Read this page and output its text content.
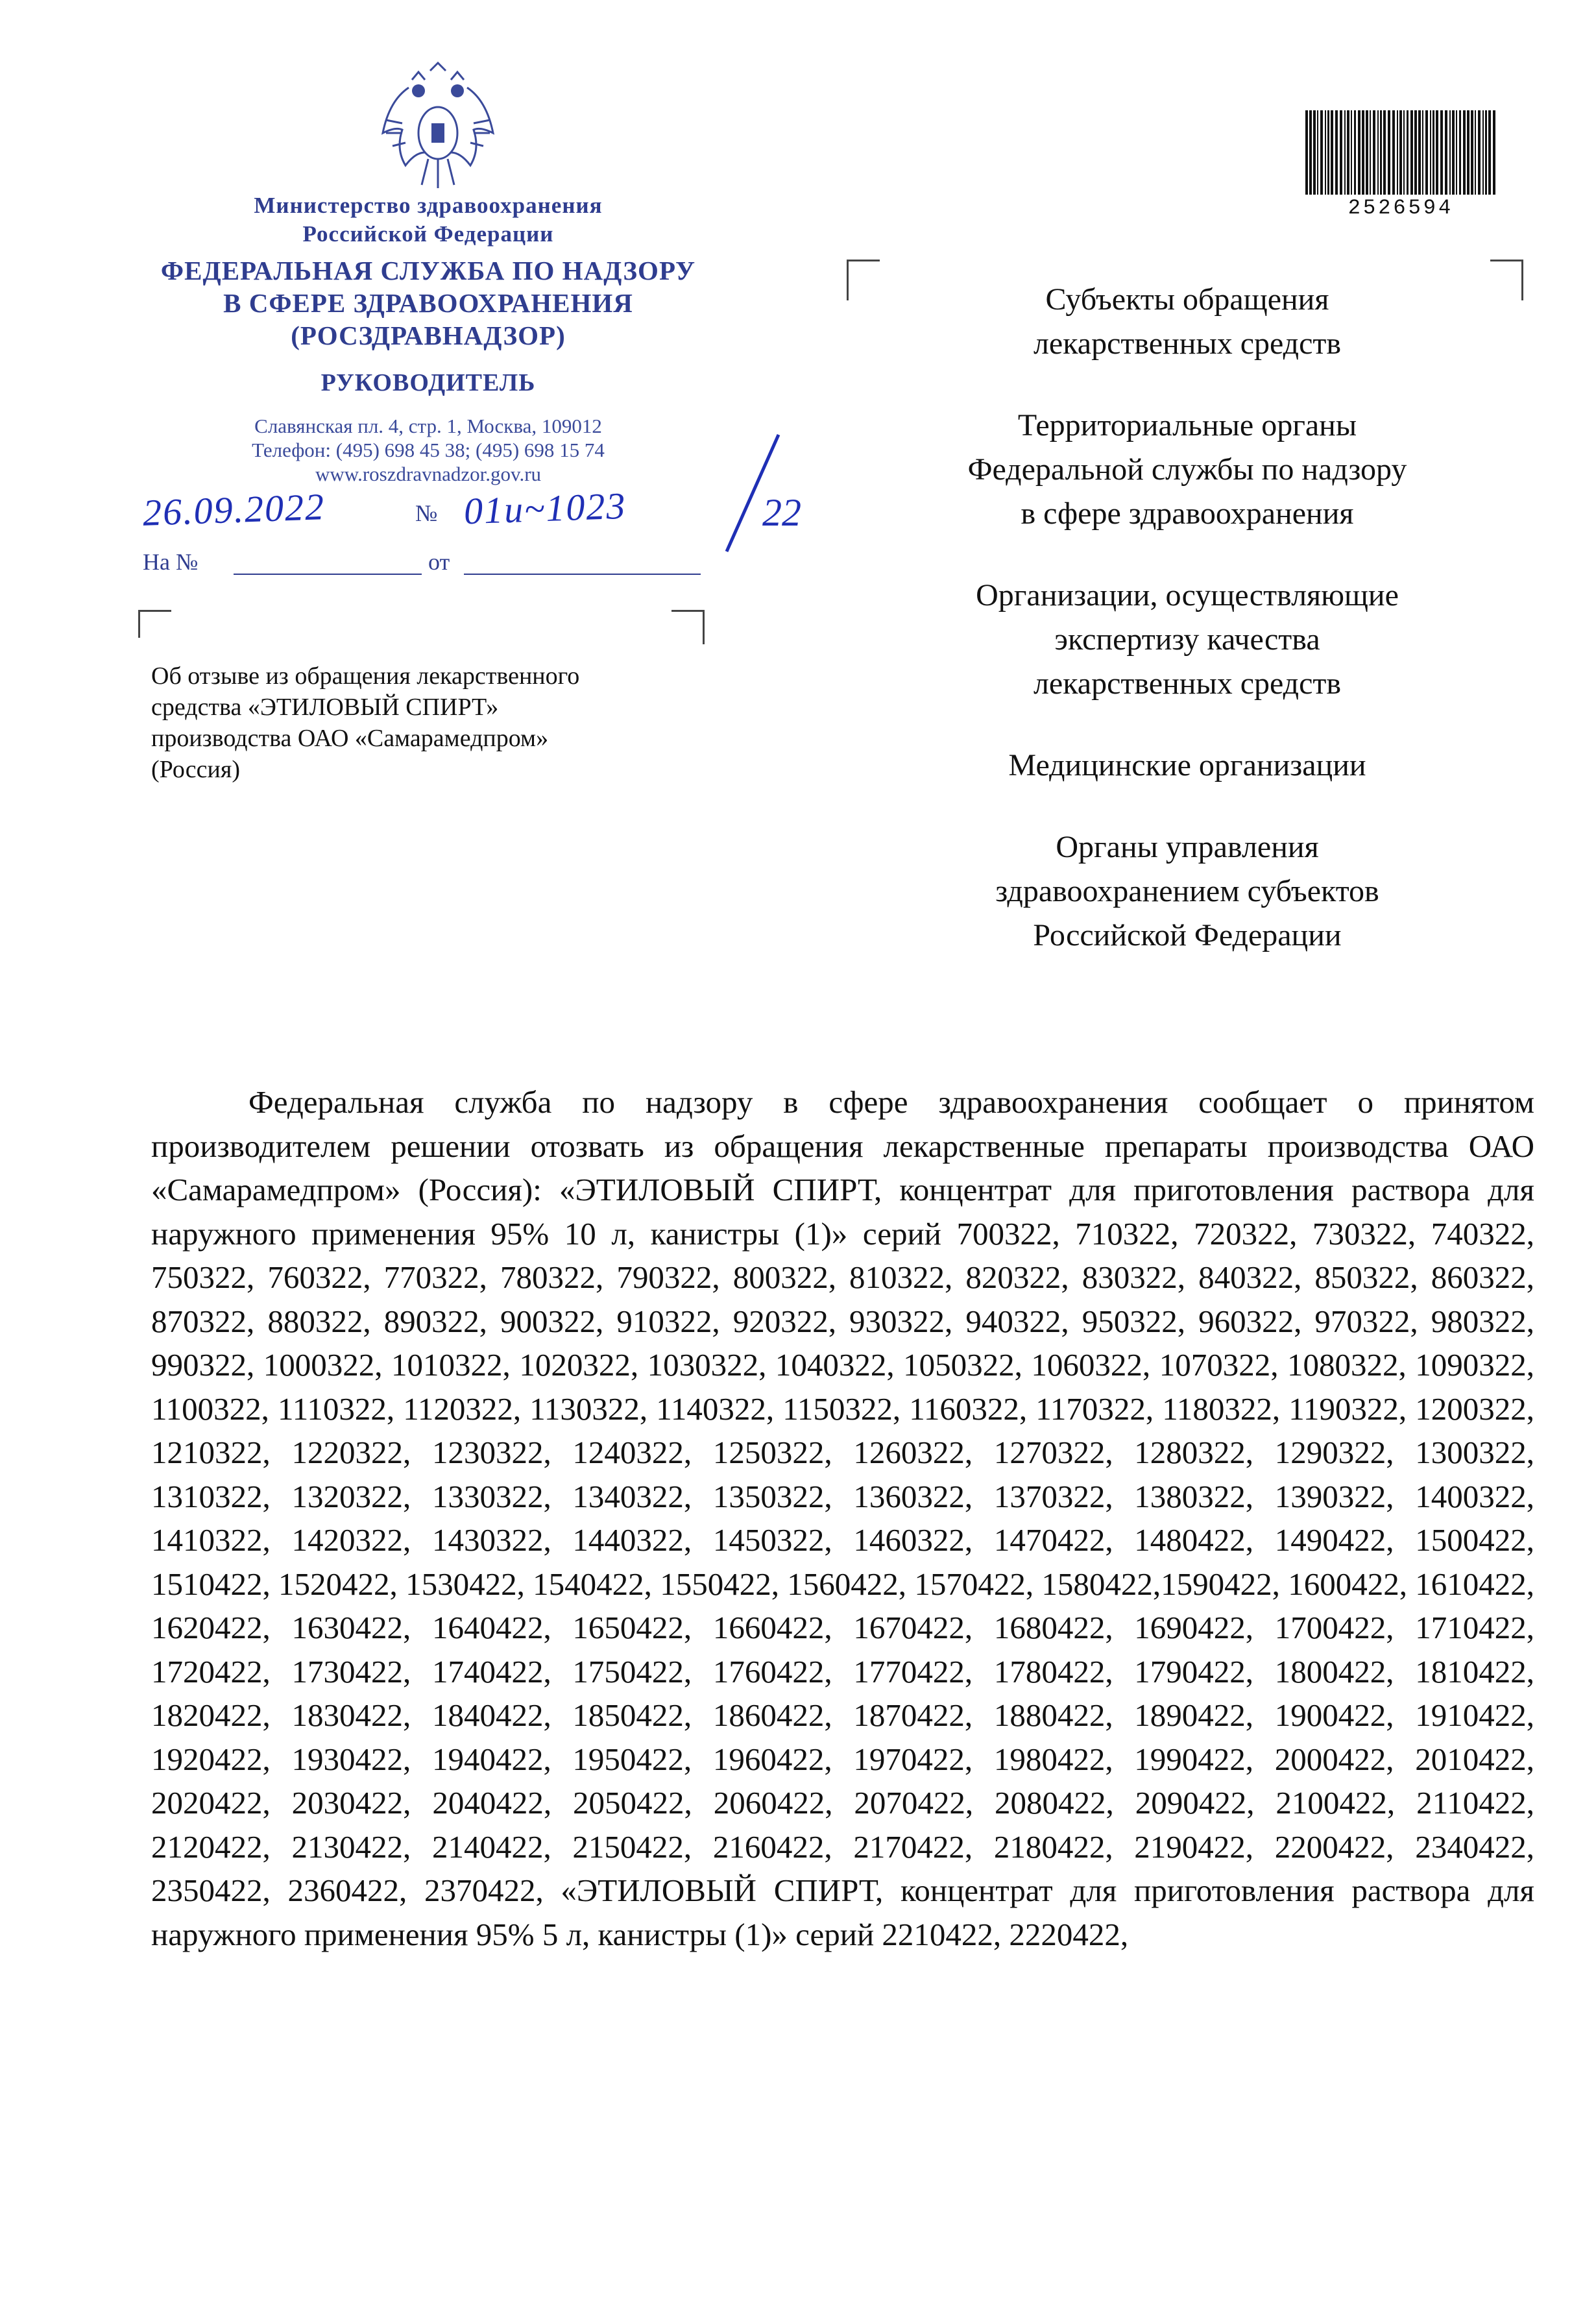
Министерство здравоохранения
Российской Федерации
ФЕДЕРАЛЬНАЯ СЛУЖБА ПО НАДЗОРУ
В СФЕРЕ ЗДРАВООХРАНЕНИЯ
(РОСЗДРАВНАДЗОР)
РУКОВОДИТЕЛЬ
Славянская пл. 4, стр. 1, Москва, 109012
Телефон: (495) 698 45 38; (495) 698 15 74
www.roszdravnadzor.gov.ru
26.09.2022	№ 01и~1023	22
На №	от
Об отзыве из обращения лекарственного
средства «ЭТИЛОВЫЙ СПИРТ»
производства ОАО «Самарамедпром»
(Россия)
2526594
Субъекты обращения
лекарственных средств
Территориальные органы
Федеральной службы по надзору
в сфере здравоохранения
Организации, осуществляющие
экспертизу качества
лекарственных средств
Медицинские организации
Органы управления
здравоохранением субъектов
Российской Федерации
Федеральная служба по надзору в сфере здравоохранения сообщает о принятом производителем решении отозвать из обращения лекарственные препараты производства ОАО «Самарамедпром» (Россия): «ЭТИЛОВЫЙ СПИРТ, концентрат для приготовления раствора для наружного применения 95% 10 л, канистры (1)» серий 700322, 710322, 720322, 730322, 740322, 750322, 760322, 770322, 780322, 790322, 800322, 810322, 820322, 830322, 840322, 850322, 860322, 870322, 880322, 890322, 900322, 910322, 920322, 930322, 940322, 950322, 960322, 970322, 980322, 990322, 1000322, 1010322, 1020322, 1030322, 1040322, 1050322, 1060322, 1070322, 1080322, 1090322, 1100322, 1110322, 1120322, 1130322, 1140322, 1150322, 1160322, 1170322, 1180322, 1190322, 1200322, 1210322, 1220322, 1230322, 1240322, 1250322, 1260322, 1270322, 1280322, 1290322, 1300322, 1310322, 1320322, 1330322, 1340322, 1350322, 1360322, 1370322, 1380322, 1390322, 1400322, 1410322, 1420322, 1430322, 1440322, 1450322, 1460322, 1470422, 1480422, 1490422, 1500422, 1510422, 1520422, 1530422, 1540422, 1550422, 1560422, 1570422, 1580422,1590422, 1600422, 1610422, 1620422, 1630422, 1640422, 1650422, 1660422, 1670422, 1680422, 1690422, 1700422, 1710422, 1720422, 1730422, 1740422, 1750422, 1760422, 1770422, 1780422, 1790422, 1800422, 1810422, 1820422, 1830422, 1840422, 1850422, 1860422, 1870422, 1880422, 1890422, 1900422, 1910422, 1920422, 1930422, 1940422, 1950422, 1960422, 1970422, 1980422, 1990422, 2000422, 2010422, 2020422, 2030422, 2040422, 2050422, 2060422, 2070422, 2080422, 2090422, 2100422, 2110422, 2120422, 2130422, 2140422, 2150422, 2160422, 2170422, 2180422, 2190422, 2200422, 2340422, 2350422, 2360422, 2370422, «ЭТИЛОВЫЙ СПИРТ, концентрат для приготовления раствора для наружного применения 95% 5 л, канистры (1)» серий 2210422, 2220422,
